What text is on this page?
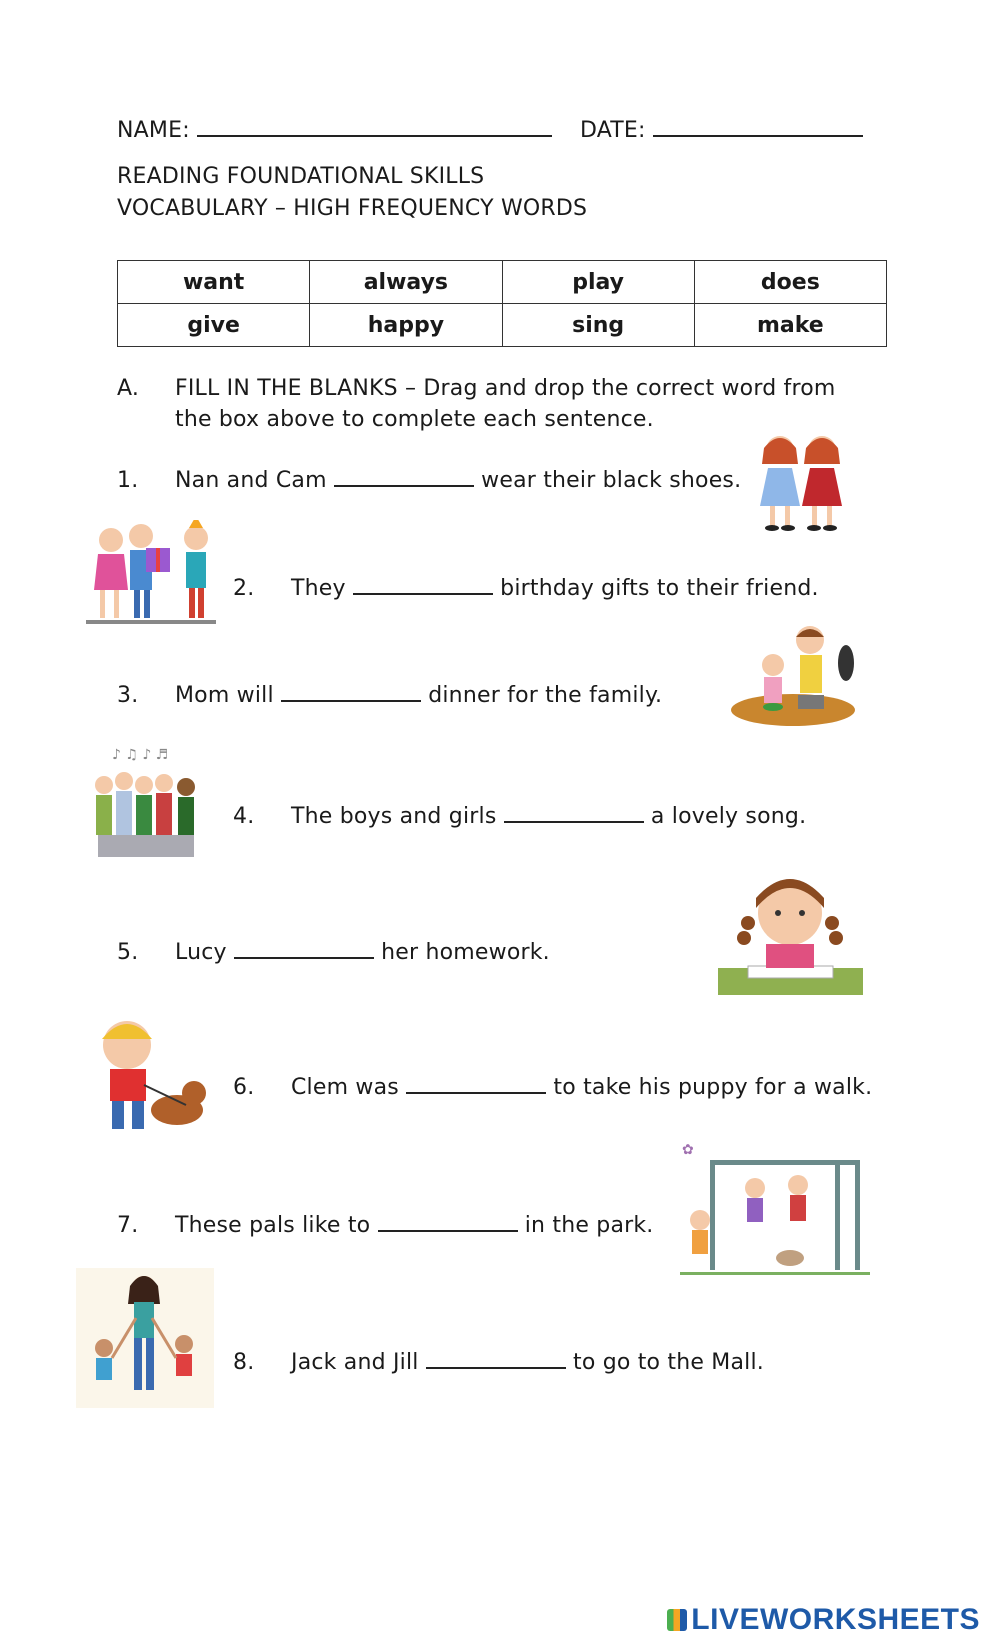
NAME:	DATE:
READING FOUNDATIONAL SKILLS
VOCABULARY – HIGH FREQUENCY WORDS
want	always	play	does
give	happy	sing	make
A. FILL IN THE BLANKS – Drag and drop the correct word from
the box above to complete each sentence.
1. Nan and Cam	wear their black shoes.
2. They	birthday gifts to their friend.
3. Mom will	dinner for the family.
4. The boys and girls	a lovely song.
5. Lucy	her homework.
6. Clem was	to take his puppy for a walk.
7. These pals like to	in the park.
8. Jack and Jill	to go to the Mall.
♪ ♫ ♪ ♬
✿
LIVEWORKSHEETS
